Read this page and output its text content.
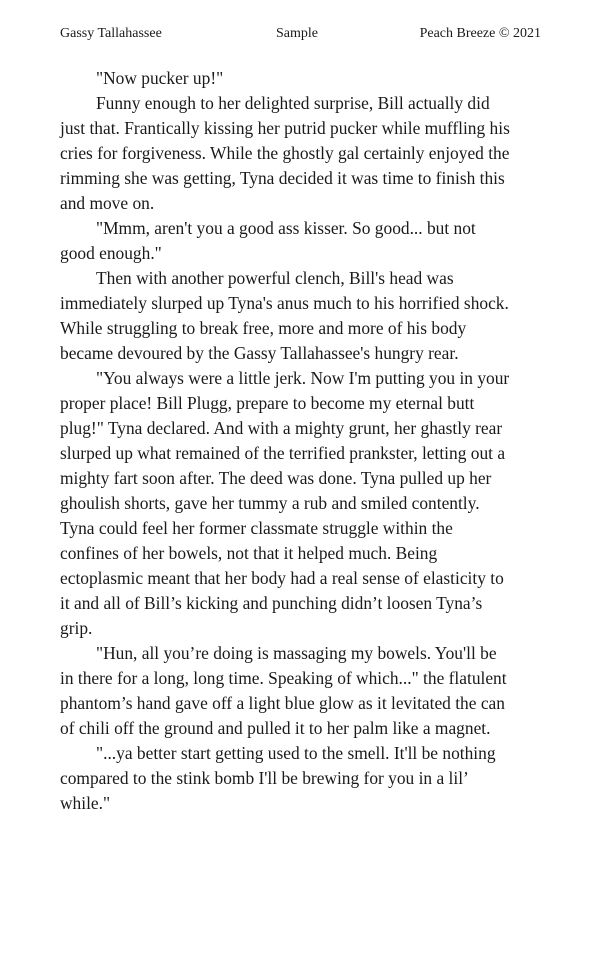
Gassy Tallahassee	Sample	Peach Breeze © 2021

"Now pucker up!"

Funny enough to her delighted surprise, Bill actually did just that. Frantically kissing her putrid pucker while muffling his cries for forgiveness. While the ghostly gal certainly enjoyed the rimming she was getting, Tyna decided it was time to finish this and move on.

"Mmm, aren't you a good ass kisser. So good... but not good enough."

Then with another powerful clench, Bill's head was immediately slurped up Tyna's anus much to his horrified shock. While struggling to break free, more and more of his body became devoured by the Gassy Tallahassee's hungry rear.

"You always were a little jerk. Now I'm putting you in your proper place! Bill Plugg, prepare to become my eternal butt plug!" Tyna declared. And with a mighty grunt, her ghastly rear slurped up what remained of the terrified prankster, letting out a mighty fart soon after. The deed was done. Tyna pulled up her ghoulish shorts, gave her tummy a rub and smiled contently. Tyna could feel her former classmate struggle within the confines of her bowels, not that it helped much. Being ectoplasmic meant that her body had a real sense of elasticity to it and all of Bill’s kicking and punching didn’t loosen Tyna’s grip.

"Hun, all you’re doing is massaging my bowels. You'll be in there for a long, long time. Speaking of which..." the flatulent phantom’s hand gave off a light blue glow as it levitated the can of chili off the ground and pulled it to her palm like a magnet.

"...ya better start getting used to the smell. It'll be nothing compared to the stink bomb I'll be brewing for you in a lil’ while."
